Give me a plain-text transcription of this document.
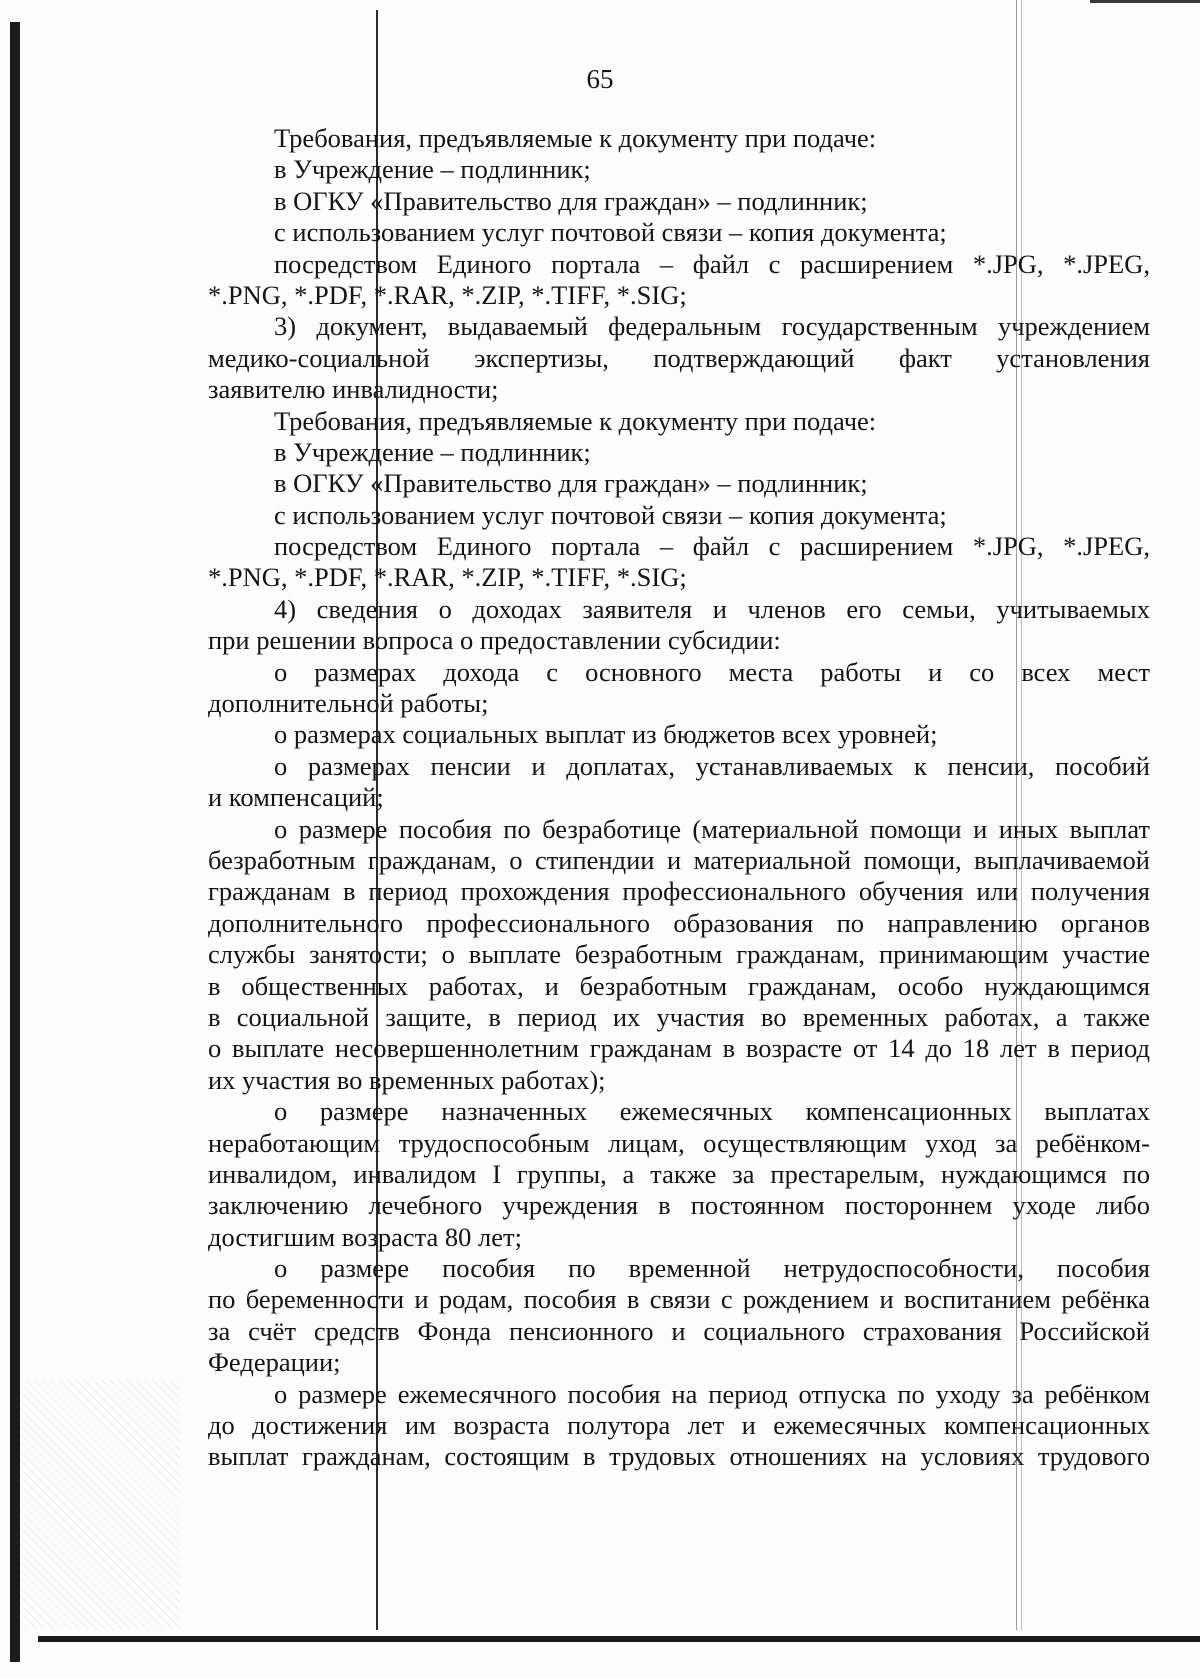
65
Требования, предъявляемые к документу при подаче:
в Учреждение – подлинник;
в ОГКУ «Правительство для граждан» – подлинник;
с использованием услуг почтовой связи – копия документа;
посредством Единого портала – файл с расширением *.JPG, *.JPEG,
*.PNG, *.PDF, *.RAR, *.ZIP, *.TIFF, *.SIG;
3) документ, выдаваемый федеральным государственным учреждением
медико-социальной экспертизы, подтверждающий факт установления
заявителю инвалидности;
Требования, предъявляемые к документу при подаче:
в Учреждение – подлинник;
в ОГКУ «Правительство для граждан» – подлинник;
с использованием услуг почтовой связи – копия документа;
посредством Единого портала – файл с расширением *.JPG, *.JPEG,
*.PNG, *.PDF, *.RAR, *.ZIP, *.TIFF, *.SIG;
4) сведения о доходах заявителя и членов его семьи, учитываемых
при решении вопроса о предоставлении субсидии:
о размерах дохода с основного места работы и со всех мест
дополнительной работы;
о размерах социальных выплат из бюджетов всех уровней;
о размерах пенсии и доплатах, устанавливаемых к пенсии, пособий
и компенсаций;
о размере пособия по безработице (материальной помощи и иных выплат
безработным гражданам, о стипендии и материальной помощи, выплачиваемой
гражданам в период прохождения профессионального обучения или получения
дополнительного профессионального образования по направлению органов
службы занятости; о выплате безработным гражданам, принимающим участие
в общественных работах, и безработным гражданам, особо нуждающимся
в социальной защите, в период их участия во временных работах, а также
о выплате несовершеннолетним гражданам в возрасте от 14 до 18 лет в период
их участия во временных работах);
о размере назначенных ежемесячных компенсационных выплатах
неработающим трудоспособным лицам, осуществляющим уход за ребёнком-
инвалидом, инвалидом I группы, а также за престарелым, нуждающимся по
заключению лечебного учреждения в постоянном постороннем уходе либо
достигшим возраста 80 лет;
о размере пособия по временной нетрудоспособности, пособия
по беременности и родам, пособия в связи с рождением и воспитанием ребёнка
за счёт средств Фонда пенсионного и социального страхования Российской
Федерации;
о размере ежемесячного пособия на период отпуска по уходу за ребёнком
до достижения им возраста полутора лет и ежемесячных компенсационных
выплат гражданам, состоящим в трудовых отношениях на условиях трудового
